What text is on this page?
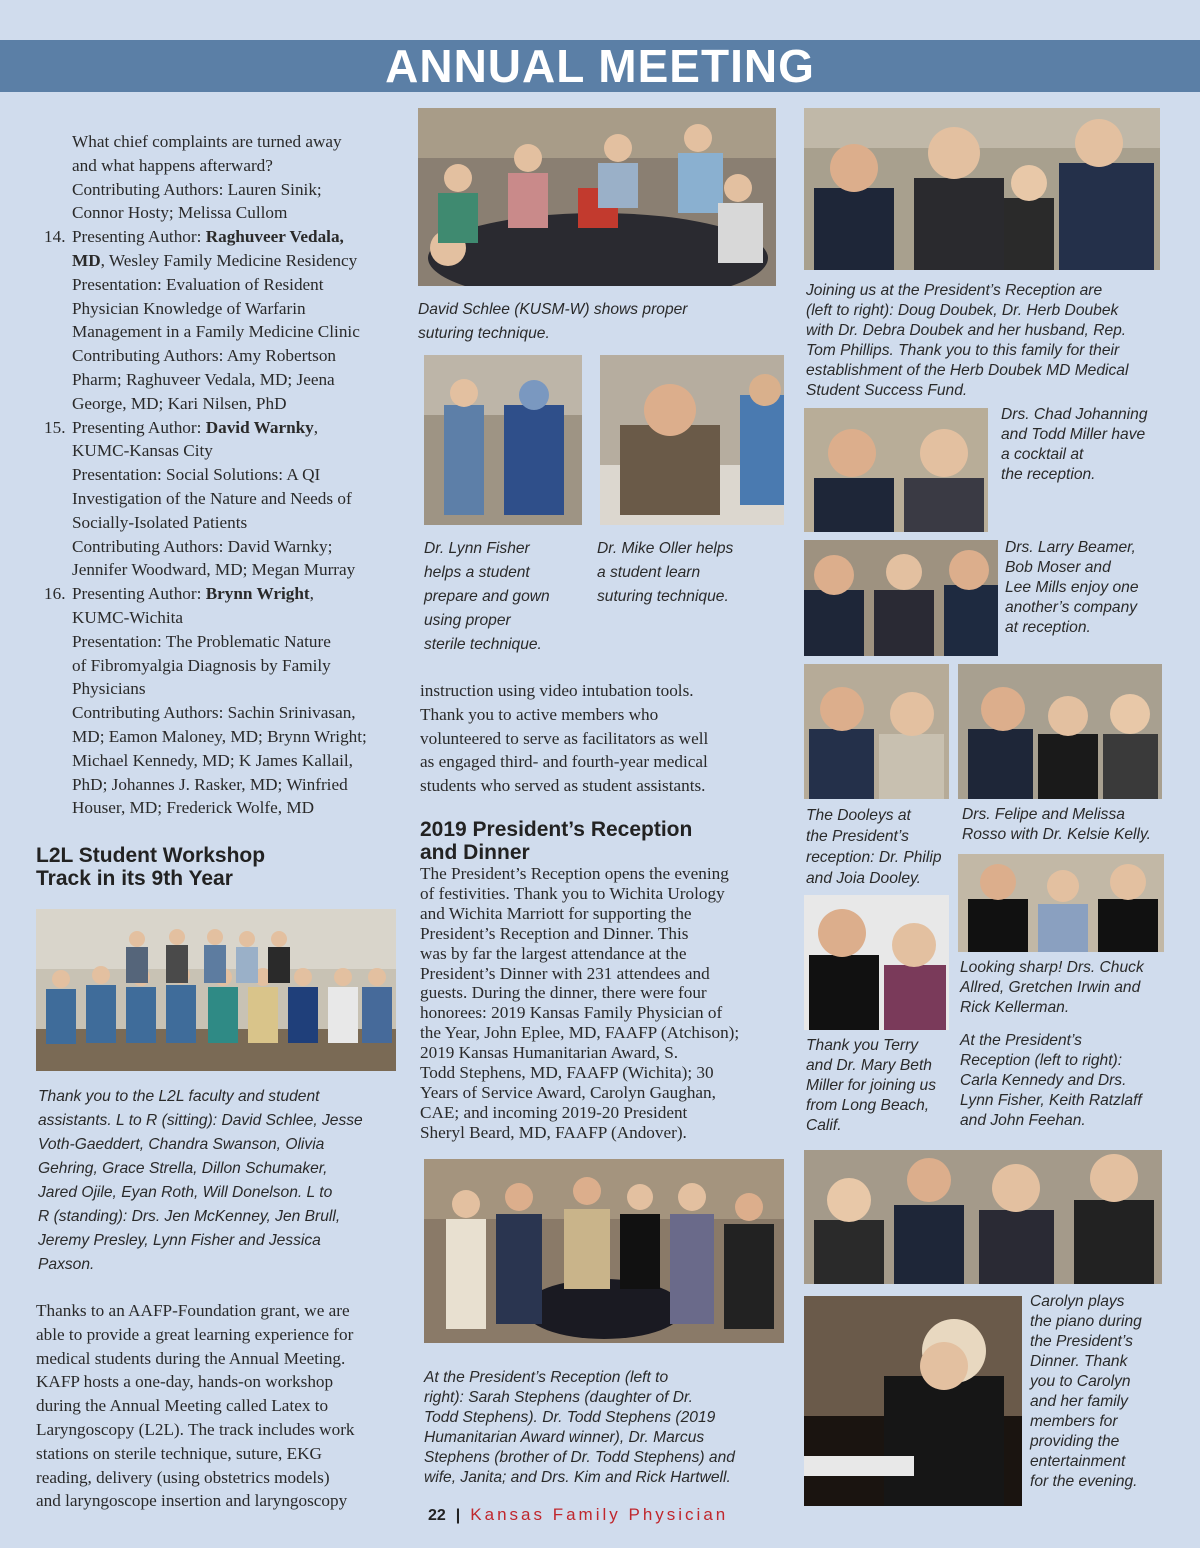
ANNUAL MEETING
What chief complaints are turned away
and what happens afterward?
Contributing Authors: Lauren Sinik;
Connor Hosty; Melissa Cullom
14. Presenting Author: Raghuveer Vedala,
MD, Wesley Family Medicine Residency
Presentation: Evaluation of Resident
Physician Knowledge of Warfarin
Management in a Family Medicine Clinic
Contributing Authors: Amy Robertson
Pharm; Raghuveer Vedala, MD; Jeena
George, MD; Kari Nilsen, PhD
15. Presenting Author: David Warnky,
KUMC-Kansas City
Presentation: Social Solutions: A QI
Investigation of the Nature and Needs of
Socially-Isolated Patients
Contributing Authors: David Warnky;
Jennifer Woodward, MD; Megan Murray
16. Presenting Author: Brynn Wright,
KUMC-Wichita
Presentation: The Problematic Nature
of Fibromyalgia Diagnosis by Family
Physicians
Contributing Authors: Sachin Srinivasan,
MD; Eamon Maloney, MD; Brynn Wright;
Michael Kennedy, MD; K James Kallail,
PhD; Johannes J. Rasker, MD; Winfried
Houser, MD; Frederick Wolfe, MD
L2L Student Workshop
Track in its 9th Year
Thank you to the L2L faculty and student
assistants. L to R (sitting): David Schlee, Jesse
Voth-Gaeddert, Chandra Swanson, Olivia
Gehring, Grace Strella, Dillon Schumaker,
Jared Ojile, Eyan Roth, Will Donelson. L to
R (standing): Drs. Jen McKenney, Jen Brull,
Jeremy Presley, Lynn Fisher and Jessica
Paxson.
Thanks to an AAFP-Foundation grant, we are
able to provide a great learning experience for
medical students during the Annual Meeting.
KAFP hosts a one-day, hands-on workshop
during the Annual Meeting called Latex to
Laryngoscopy (L2L). The track includes work
stations on sterile technique, suture, EKG
reading, delivery (using obstetrics models)
and laryngoscope insertion and laryngoscopy
David Schlee (KUSM-W) shows proper
suturing technique.
Dr. Lynn Fisher
helps a student
prepare and gown
using proper
sterile technique.
Dr. Mike Oller helps
a student learn
suturing technique.
instruction using video intubation tools.
Thank you to active members who
volunteered to serve as facilitators as well
as engaged third- and fourth-year medical
students who served as student assistants.
2019 President’s Reception
and Dinner
The President’s Reception opens the evening
of festivities. Thank you to Wichita Urology
and Wichita Marriott for supporting the
President’s Reception and Dinner. This
was by far the largest attendance at the
President’s Dinner with 231 attendees and
guests. During the dinner, there were four
honorees: 2019 Kansas Family Physician of
the Year, John Eplee, MD, FAAFP (Atchison);
2019 Kansas Humanitarian Award, S.
Todd Stephens, MD, FAAFP (Wichita); 30
Years of Service Award, Carolyn Gaughan,
CAE; and incoming 2019-20 President
Sheryl Beard, MD, FAAFP (Andover).
At the President’s Reception (left to
right): Sarah Stephens (daughter of Dr.
Todd Stephens). Dr. Todd Stephens (2019
Humanitarian Award winner), Dr. Marcus
Stephens (brother of Dr. Todd Stephens) and
wife, Janita; and Drs. Kim and Rick Hartwell.
22 | Kansas Family Physician
Joining us at the President’s Reception are
(left to right): Doug Doubek, Dr. Herb Doubek
with Dr. Debra Doubek and her husband, Rep.
Tom Phillips. Thank you to this family for their
establishment of the Herb Doubek MD Medical
Student Success Fund.
Drs. Chad Johanning
and Todd Miller have
a cocktail at
the reception.
Drs. Larry Beamer,
Bob Moser and
Lee Mills enjoy one
another’s company
at reception.
The Dooleys at
the President’s
reception: Dr. Philip
and Joia Dooley.
Drs. Felipe and Melissa
Rosso with Dr. Kelsie Kelly.
Looking sharp! Drs. Chuck
Allred, Gretchen Irwin and
Rick Kellerman.
Thank you Terry
and Dr. Mary Beth
Miller for joining us
from Long Beach,
Calif.
At the President’s
Reception (left to right):
Carla Kennedy and Drs.
Lynn Fisher, Keith Ratzlaff
and John Feehan.
Carolyn plays
the piano during
the President’s
Dinner. Thank
you to Carolyn
and her family
members for
providing the
entertainment
for the evening.
